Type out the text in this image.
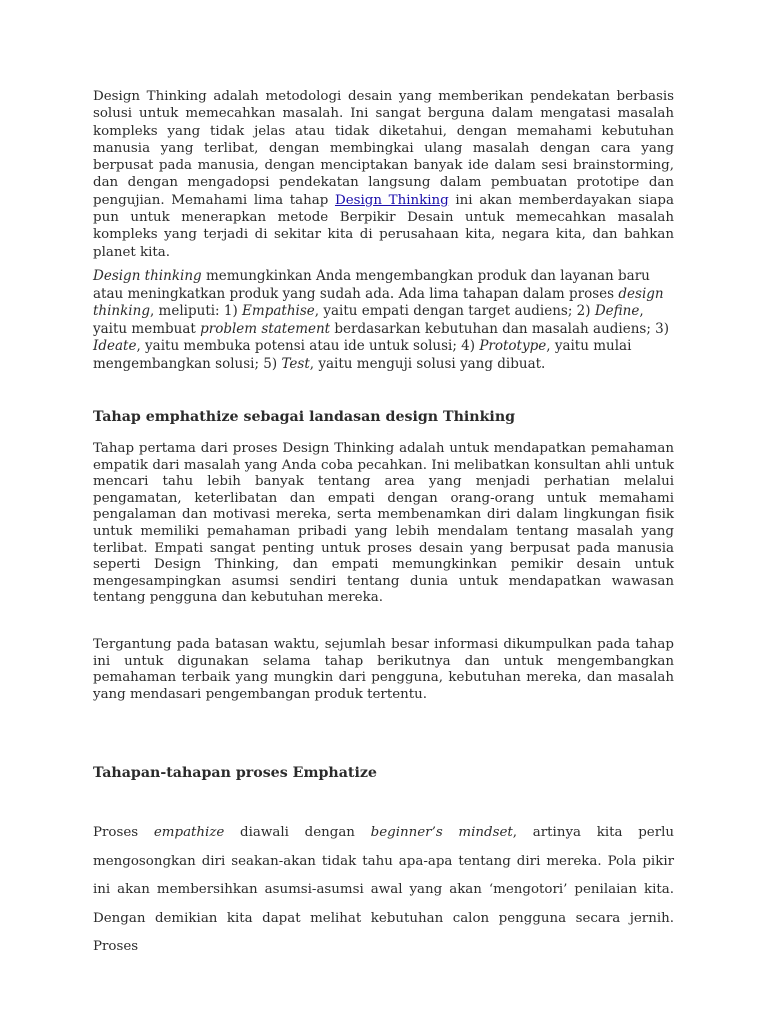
Design Thinking adalah metodologi desain yang memberikan pendekatan berbasis solusi untuk memecahkan masalah. Ini sangat berguna dalam mengatasi masalah kompleks yang tidak jelas atau tidak diketahui, dengan memahami kebutuhan manusia yang terlibat, dengan membingkai ulang masalah dengan cara yang berpusat pada manusia, dengan menciptakan banyak ide dalam sesi brainstorming, dan dengan mengadopsi pendekatan langsung dalam pembuatan prototipe dan pengujian. Memahami lima tahap Design Thinking ini akan memberdayakan siapa pun untuk menerapkan metode Berpikir Desain untuk memecahkan masalah kompleks yang terjadi di sekitar kita di perusahaan kita, negara kita, dan bahkan planet kita.

Design thinking memungkinkan Anda mengembangkan produk dan layanan baru atau meningkatkan produk yang sudah ada. Ada lima tahapan dalam proses design thinking, meliputi: 1) Empathise, yaitu empati dengan target audiens; 2) Define, yaitu membuat problem statement berdasarkan kebutuhan dan masalah audiens; 3) Ideate, yaitu membuka potensi atau ide untuk solusi; 4) Prototype, yaitu mulai mengembangkan solusi; 5) Test, yaitu menguji solusi yang dibuat.

Tahap emphathize sebagai landasan design Thinking

Tahap pertama dari proses Design Thinking adalah untuk mendapatkan pemahaman empatik dari masalah yang Anda coba pecahkan. Ini melibatkan konsultan ahli untuk mencari tahu lebih banyak tentang area yang menjadi perhatian melalui pengamatan, keterlibatan dan empati dengan orang-orang untuk memahami pengalaman dan motivasi mereka, serta membenamkan diri dalam lingkungan fisik untuk memiliki pemahaman pribadi yang lebih mendalam tentang masalah yang terlibat. Empati sangat penting untuk proses desain yang berpusat pada manusia seperti Design Thinking, dan empati memungkinkan pemikir desain untuk mengesampingkan asumsi sendiri tentang dunia untuk mendapatkan wawasan tentang pengguna dan kebutuhan mereka.

Tergantung pada batasan waktu, sejumlah besar informasi dikumpulkan pada tahap ini untuk digunakan selama tahap berikutnya dan untuk mengembangkan pemahaman terbaik yang mungkin dari pengguna, kebutuhan mereka, dan masalah yang mendasari pengembangan produk tertentu.

Tahapan-tahapan proses Emphatize

Proses empathize diawali dengan beginner’s mindset, artinya kita perlu mengosongkan diri seakan-akan tidak tahu apa-apa tentang diri mereka. Pola pikir ini akan membersihkan asumsi-asumsi awal yang akan ‘mengotori’ penilaian kita. Dengan demikian kita dapat melihat kebutuhan calon pengguna secara jernih. Proses
